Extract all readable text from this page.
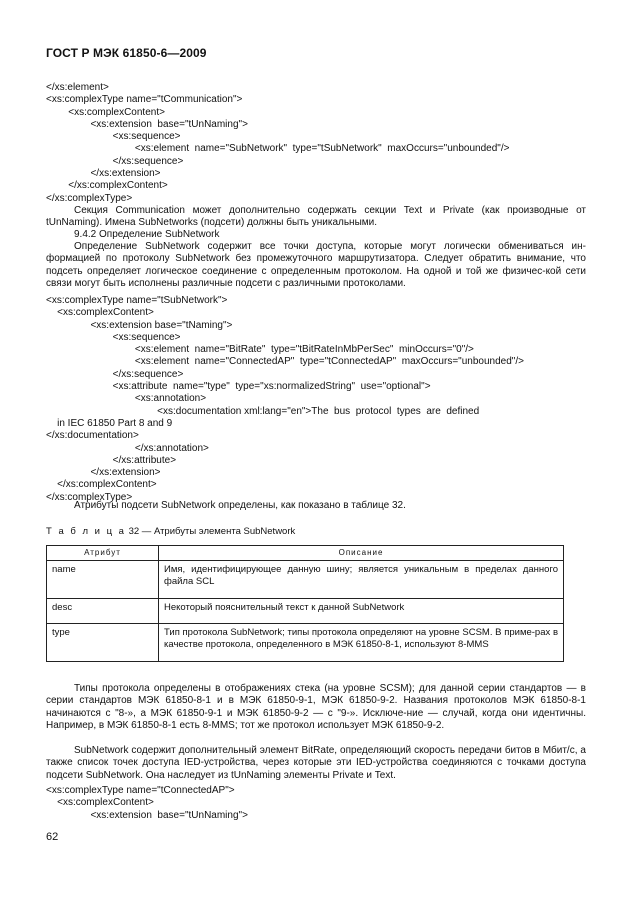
ГОСТ Р МЭК 61850-6—2009
</xs:element>
<xs:complexType name="tCommunication">
<xs:complexContent>
<xs:extension  base="tUnNaming">
<xs:sequence>
<xs:element  name="SubNetwork"  type="tSubNetwork"  maxOccurs="unbounded"/>
</xs:sequence>
</xs:extension>
</xs:complexContent>
</xs:complexType>
Секция Communication может дополнительно содержать секции Text и Private (как производные от tUnNaming). Имена SubNetworks (подсети) должны быть уникальными.
9.4.2 Определение SubNetwork
Определение SubNetwork содержит все точки доступа, которые могут логически обмениваться ин-формацией по протоколу SubNetwork без промежуточного маршрутизатора. Следует обратить внимание, что подсеть определяет логическое соединение с определенным протоколом. На одной и той же физичес-кой сети связи могут быть исполнены различные подсети с различными протоколами.
<xs:complexType name="tSubNetwork">
<xs:complexContent>
<xs:extension base="tNaming">
<xs:sequence>
<xs:element  name="BitRate"  type="tBitRateInMbPerSec"  minOccurs="0"/>
<xs:element  name="ConnectedAP"  type="tConnectedAP"  maxOccurs="unbounded"/>
</xs:sequence>
<xs:attribute  name="type"  type="xs:normalizedString"  use="optional">
<xs:annotation>
<xs:documentation xml:lang="en">The  bus  protocol  types  are  defined
in IEC 61850 Part 8 and 9
</xs:documentation>
</xs:annotation>
</xs:attribute>
</xs:extension>
</xs:complexContent>
</xs:complexType>
Атрибуты подсети SubNetwork определены, как показано в таблице 32.
Т а б л и ц а 32 — Атрибуты элемента SubNetwork
Атрибут	Описание
name	Имя, идентифицирующее данную шину; является уникальным в пределах данного файла SCL
desc	Некоторый пояснительный текст к данной SubNetwork
type	Тип протокола SubNetwork; типы протокола определяют на уровне SCSM. В приме-рах в качестве протокола, определенного в МЭК 61850-8-1, используют 8-MMS
Типы протокола определены в отображениях стека (на уровне SCSM); для данной серии стандартов — в серии стандартов МЭК 61850-8-1 и в МЭК 61850-9-1, МЭК 61850-9-2. Названия протоколов МЭК 61850-8-1 начинаются с "8-», а МЭК 61850-9-1 и МЭК 61850-9-2 — с "9-». Исключе-ние — случай, когда они идентичны. Например, в МЭК 61850-8-1 есть 8-MMS; тот же протокол использует МЭК 61850-9-2.
SubNetwork содержит дополнительный элемент BitRate, определяющий скорость передачи битов в Мбит/с, а также список точек доступа IED-устройства, через которые эти IED-устройства соединяются с точками доступа подсети SubNetwork. Она наследует из tUnNaming элементы Private и Text.
<xs:complexType name="tConnectedAP">
<xs:complexContent>
<xs:extension  base="tUnNaming">
62
